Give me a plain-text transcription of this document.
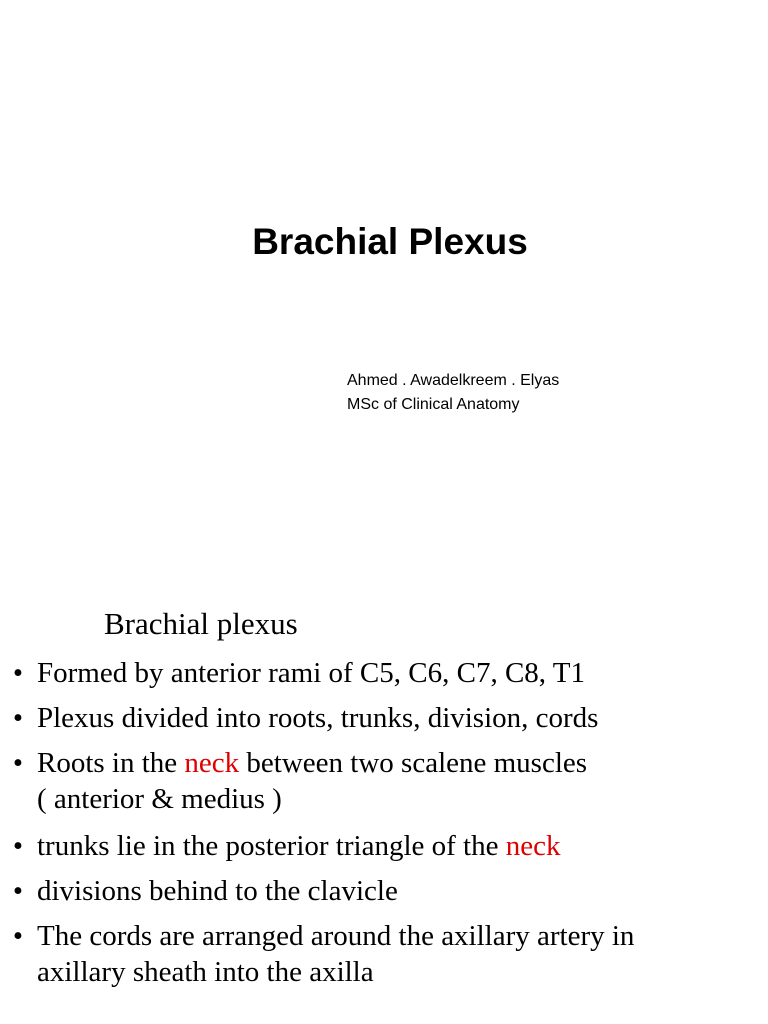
Brachial Plexus
Ahmed . Awadelkreem . Elyas
MSc of Clinical Anatomy
Brachial plexus
• Formed by anterior rami of C5, C6, C7, C8, T1
• Plexus divided into roots, trunks, division, cords
• Roots in the neck between two scalene muscles
( anterior & medius )
• trunks lie in the posterior triangle of the neck
• divisions behind to the clavicle
• The cords are arranged around the axillary artery in
axillary sheath into the axilla
